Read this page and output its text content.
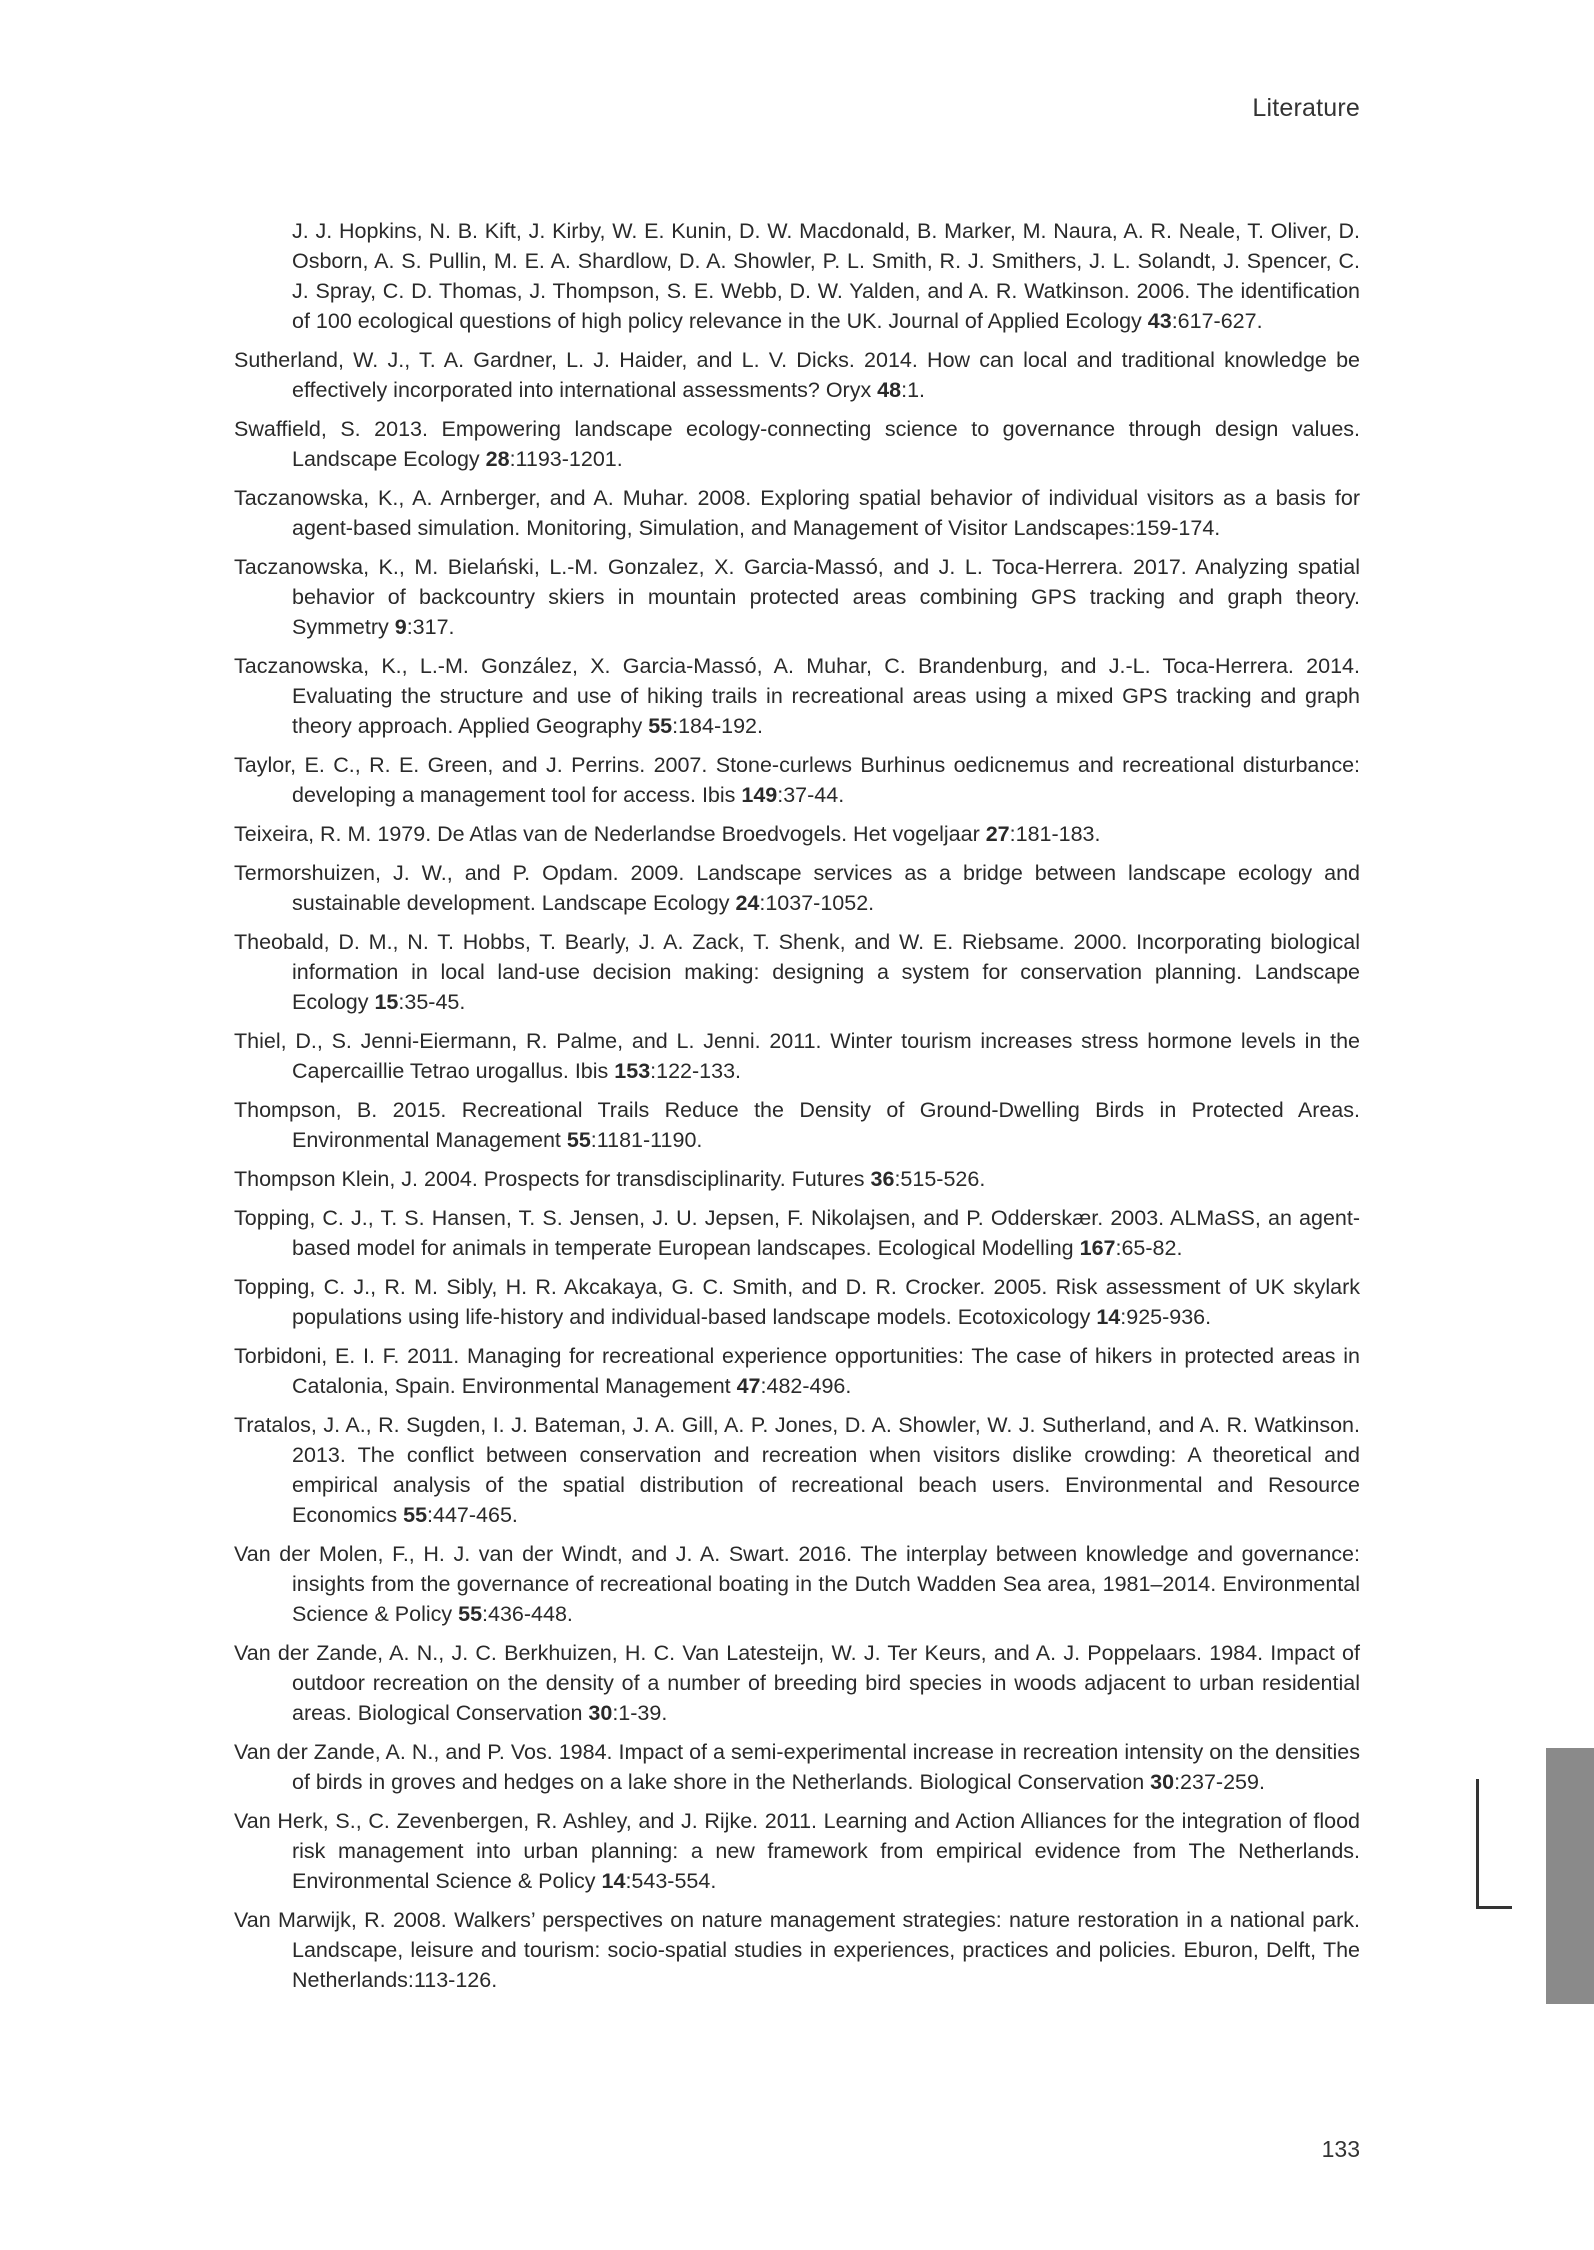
Literature

J. J. Hopkins, N. B. Kift, J. Kirby, W. E. Kunin, D. W. Macdonald, B. Marker, M. Naura, A. R. Neale, T. Oliver, D. Osborn, A. S. Pullin, M. E. A. Shardlow, D. A. Showler, P. L. Smith, R. J. Smithers, J. L. Solandt, J. Spencer, C. J. Spray, C. D. Thomas, J. Thompson, S. E. Webb, D. W. Yalden, and A. R. Watkinson. 2006. The identification of 100 ecological questions of high policy relevance in the UK. Journal of Applied Ecology 43:617-627.

Sutherland, W. J., T. A. Gardner, L. J. Haider, and L. V. Dicks. 2014. How can local and traditional knowledge be effectively incorporated into international assessments? Oryx 48:1.

Swaffield, S. 2013. Empowering landscape ecology-connecting science to governance through design values. Landscape Ecology 28:1193-1201.

Taczanowska, K., A. Arnberger, and A. Muhar. 2008. Exploring spatial behavior of individual visitors as a basis for agent-based simulation. Monitoring, Simulation, and Management of Visitor Landscapes:159-174.

Taczanowska, K., M. Bielański, L.-M. Gonzalez, X. Garcia-Massó, and J. L. Toca-Herrera. 2017. Analyzing spatial behavior of backcountry skiers in mountain protected areas combining GPS tracking and graph theory. Symmetry 9:317.

Taczanowska, K., L.-M. González, X. Garcia-Massó, A. Muhar, C. Brandenburg, and J.-L. Toca-Herrera. 2014. Evaluating the structure and use of hiking trails in recreational areas using a mixed GPS tracking and graph theory approach. Applied Geography 55:184-192.

Taylor, E. C., R. E. Green, and J. Perrins. 2007. Stone-curlews Burhinus oedicnemus and recreational disturbance: developing a management tool for access. Ibis 149:37-44.

Teixeira, R. M. 1979. De Atlas van de Nederlandse Broedvogels. Het vogeljaar 27:181-183.

Termorshuizen, J. W., and P. Opdam. 2009. Landscape services as a bridge between landscape ecology and sustainable development. Landscape Ecology 24:1037-1052.

Theobald, D. M., N. T. Hobbs, T. Bearly, J. A. Zack, T. Shenk, and W. E. Riebsame. 2000. Incorporating biological information in local land-use decision making: designing a system for conservation planning. Landscape Ecology 15:35-45.

Thiel, D., S. Jenni-Eiermann, R. Palme, and L. Jenni. 2011. Winter tourism increases stress hormone levels in the Capercaillie Tetrao urogallus. Ibis 153:122-133.

Thompson, B. 2015. Recreational Trails Reduce the Density of Ground-Dwelling Birds in Protected Areas. Environmental Management 55:1181-1190.

Thompson Klein, J. 2004. Prospects for transdisciplinarity. Futures 36:515-526.

Topping, C. J., T. S. Hansen, T. S. Jensen, J. U. Jepsen, F. Nikolajsen, and P. Odderskær. 2003. ALMaSS, an agent-based model for animals in temperate European landscapes. Ecological Modelling 167:65-82.

Topping, C. J., R. M. Sibly, H. R. Akcakaya, G. C. Smith, and D. R. Crocker. 2005. Risk assessment of UK skylark populations using life-history and individual-based landscape models. Ecotoxicology 14:925-936.

Torbidoni, E. I. F. 2011. Managing for recreational experience opportunities: The case of hikers in protected areas in Catalonia, Spain. Environmental Management 47:482-496.

Tratalos, J. A., R. Sugden, I. J. Bateman, J. A. Gill, A. P. Jones, D. A. Showler, W. J. Sutherland, and A. R. Watkinson. 2013. The conflict between conservation and recreation when visitors dislike crowding: A theoretical and empirical analysis of the spatial distribution of recreational beach users. Environmental and Resource Economics 55:447-465.

Van der Molen, F., H. J. van der Windt, and J. A. Swart. 2016. The interplay between knowledge and governance: insights from the governance of recreational boating in the Dutch Wadden Sea area, 1981–2014. Environmental Science & Policy 55:436-448.

Van der Zande, A. N., J. C. Berkhuizen, H. C. Van Latesteijn, W. J. Ter Keurs, and A. J. Poppelaars. 1984. Impact of outdoor recreation on the density of a number of breeding bird species in woods adjacent to urban residential areas. Biological Conservation 30:1-39.

Van der Zande, A. N., and P. Vos. 1984. Impact of a semi-experimental increase in recreation intensity on the densities of birds in groves and hedges on a lake shore in the Netherlands. Biological Conservation 30:237-259.

Van Herk, S., C. Zevenbergen, R. Ashley, and J. Rijke. 2011. Learning and Action Alliances for the integration of flood risk management into urban planning: a new framework from empirical evidence from The Netherlands. Environmental Science & Policy 14:543-554.

Van Marwijk, R. 2008. Walkers’ perspectives on nature management strategies: nature restoration in a national park. Landscape, leisure and tourism: socio-spatial studies in experiences, practices and policies. Eburon, Delft, The Netherlands:113-126.

133
